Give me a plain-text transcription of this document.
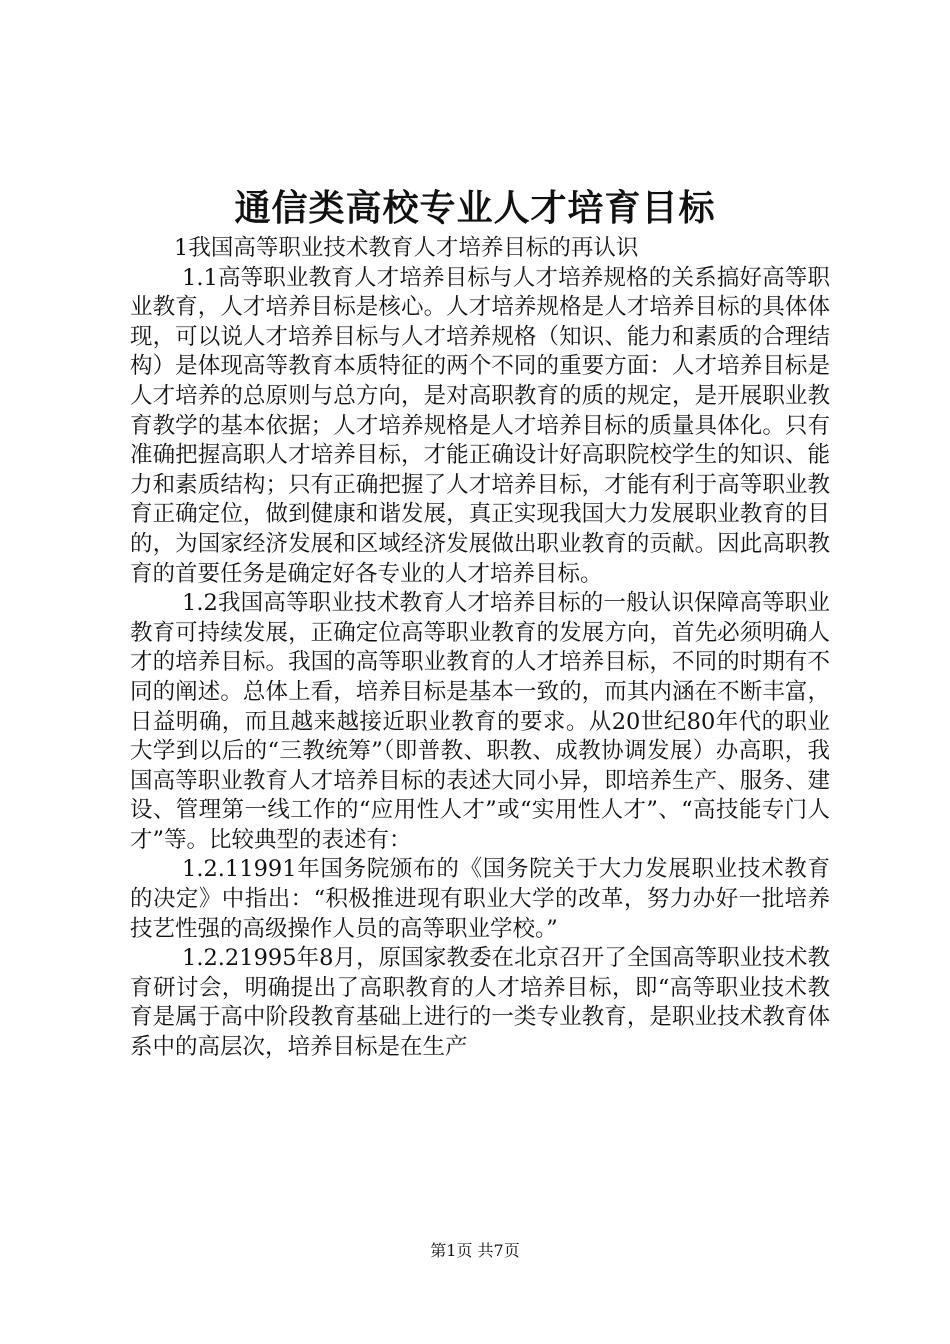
通信类高校专业人才培育目标

1我国高等职业技术教育人才培养目标的再认识

1.1高等职业教育人才培养目标与人才培养规格的关系搞好高等职业教育，人才培养目标是核心。人才培养规格是人才培养目标的具体体现，可以说人才培养目标与人才培养规格（知识、能力和素质的合理结构）是体现高等教育本质特征的两个不同的重要方面：人才培养目标是人才培养的总原则与总方向，是对高职教育的质的规定，是开展职业教育教学的基本依据；人才培养规格是人才培养目标的质量具体化。只有准确把握高职人才培养目标，才能正确设计好高职院校学生的知识、能力和素质结构；只有正确把握了人才培养目标，才能有利于高等职业教育正确定位，做到健康和谐发展，真正实现我国大力发展职业教育的目的，为国家经济发展和区域经济发展做出职业教育的贡献。因此高职教育的首要任务是确定好各专业的人才培养目标。

1.2我国高等职业技术教育人才培养目标的一般认识保障高等职业教育可持续发展，正确定位高等职业教育的发展方向，首先必须明确人才的培养目标。我国的高等职业教育的人才培养目标，不同的时期有不同的阐述。总体上看，培养目标是基本一致的，而其内涵在不断丰富，日益明确，而且越来越接近职业教育的要求。从20世纪80年代的职业大学到以后的“三教统筹”（即普教、职教、成教协调发展）办高职，我国高等职业教育人才培养目标的表述大同小异，即培养生产、服务、建设、管理第一线工作的“应用性人才”或“实用性人才”、“高技能专门人才”等。比较典型的表述有：

1.2.11991年国务院颁布的《国务院关于大力发展职业技术教育的决定》中指出：“积极推进现有职业大学的改革，努力办好一批培养技艺性强的高级操作人员的高等职业学校。”

1.2.21995年8月，原国家教委在北京召开了全国高等职业技术教育研讨会，明确提出了高职教育的人才培养目标，即“高等职业技术教育是属于高中阶段教育基础上进行的一类专业教育，是职业技术教育体系中的高层次，培养目标是在生产

第1页 共7页
